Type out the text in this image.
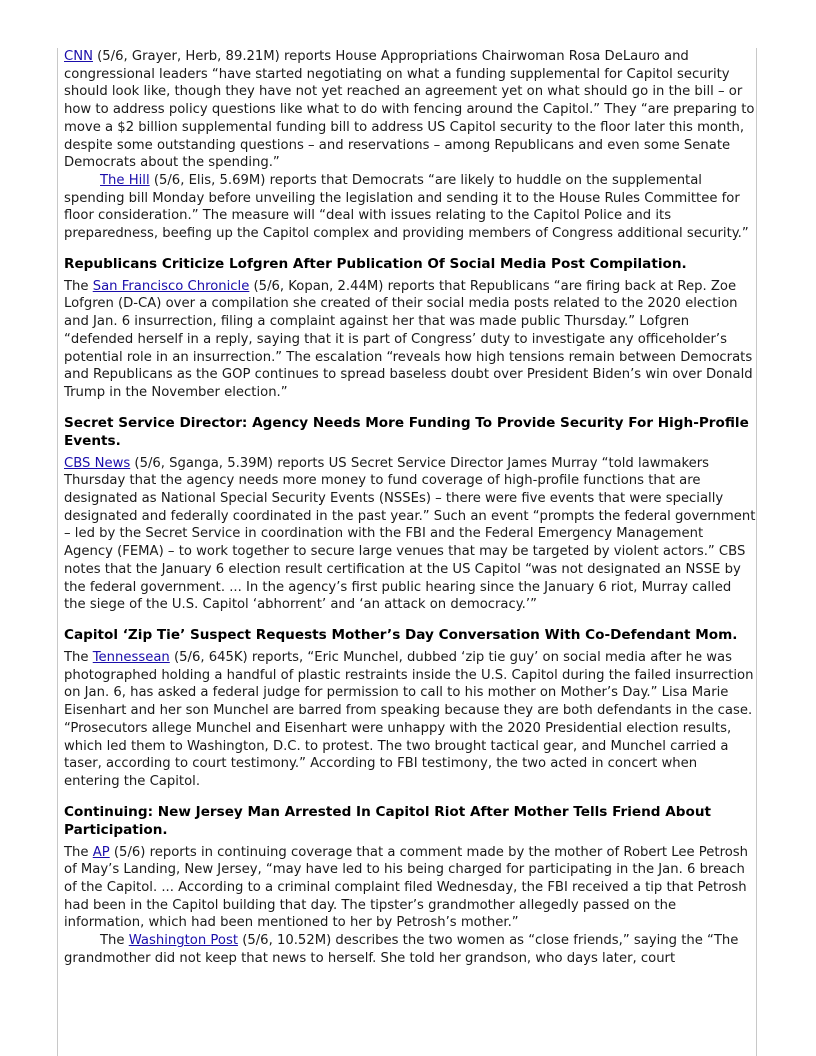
CNN (5/6, Grayer, Herb, 89.21M) reports House Appropriations Chairwoman Rosa DeLauro and congressional leaders “have started negotiating on what a funding supplemental for Capitol security should look like, though they have not yet reached an agreement yet on what should go in the bill – or how to address policy questions like what to do with fencing around the Capitol.” They “are preparing to move a $2 billion supplemental funding bill to address US Capitol security to the floor later this month, despite some outstanding questions – and reservations – among Republicans and even some Senate Democrats about the spending.”

The Hill (5/6, Elis, 5.69M) reports that Democrats “are likely to huddle on the supplemental spending bill Monday before unveiling the legislation and sending it to the House Rules Committee for floor consideration.” The measure will “deal with issues relating to the Capitol Police and its preparedness, beefing up the Capitol complex and providing members of Congress additional security.”

Republicans Criticize Lofgren After Publication Of Social Media Post Compilation.

The San Francisco Chronicle (5/6, Kopan, 2.44M) reports that Republicans “are firing back at Rep. Zoe Lofgren (D-CA) over a compilation she created of their social media posts related to the 2020 election and Jan. 6 insurrection, filing a complaint against her that was made public Thursday.” Lofgren “defended herself in a reply, saying that it is part of Congress’ duty to investigate any officeholder’s potential role in an insurrection.” The escalation “reveals how high tensions remain between Democrats and Republicans as the GOP continues to spread baseless doubt over President Biden’s win over Donald Trump in the November election.”

Secret Service Director: Agency Needs More Funding To Provide Security For High-Profile Events.

CBS News (5/6, Sganga, 5.39M) reports US Secret Service Director James Murray “told lawmakers Thursday that the agency needs more money to fund coverage of high-profile functions that are designated as National Special Security Events (NSSEs) – there were five events that were specially designated and federally coordinated in the past year.” Such an event “prompts the federal government – led by the Secret Service in coordination with the FBI and the Federal Emergency Management Agency (FEMA) – to work together to secure large venues that may be targeted by violent actors.” CBS notes that the January 6 election result certification at the US Capitol “was not designated an NSSE by the federal government. ... In the agency’s first public hearing since the January 6 riot, Murray called the siege of the U.S. Capitol ‘abhorrent’ and ‘an attack on democracy.’”

Capitol ‘Zip Tie’ Suspect Requests Mother’s Day Conversation With Co-Defendant Mom.

The Tennessean (5/6, 645K) reports, “Eric Munchel, dubbed ‘zip tie guy’ on social media after he was photographed holding a handful of plastic restraints inside the U.S. Capitol during the failed insurrection on Jan. 6, has asked a federal judge for permission to call to his mother on Mother’s Day.” Lisa Marie Eisenhart and her son Munchel are barred from speaking because they are both defendants in the case. “Prosecutors allege Munchel and Eisenhart were unhappy with the 2020 Presidential election results, which led them to Washington, D.C. to protest. The two brought tactical gear, and Munchel carried a taser, according to court testimony.” According to FBI testimony, the two acted in concert when entering the Capitol.

Continuing: New Jersey Man Arrested In Capitol Riot After Mother Tells Friend About Participation.

The AP (5/6) reports in continuing coverage that a comment made by the mother of Robert Lee Petrosh of May’s Landing, New Jersey, “may have led to his being charged for participating in the Jan. 6 breach of the Capitol. ... According to a criminal complaint filed Wednesday, the FBI received a tip that Petrosh had been in the Capitol building that day. The tipster’s grandmother allegedly passed on the information, which had been mentioned to her by Petrosh’s mother.”

The Washington Post (5/6, 10.52M) describes the two women as “close friends,” saying the “The grandmother did not keep that news to herself. She told her grandson, who days later, court
